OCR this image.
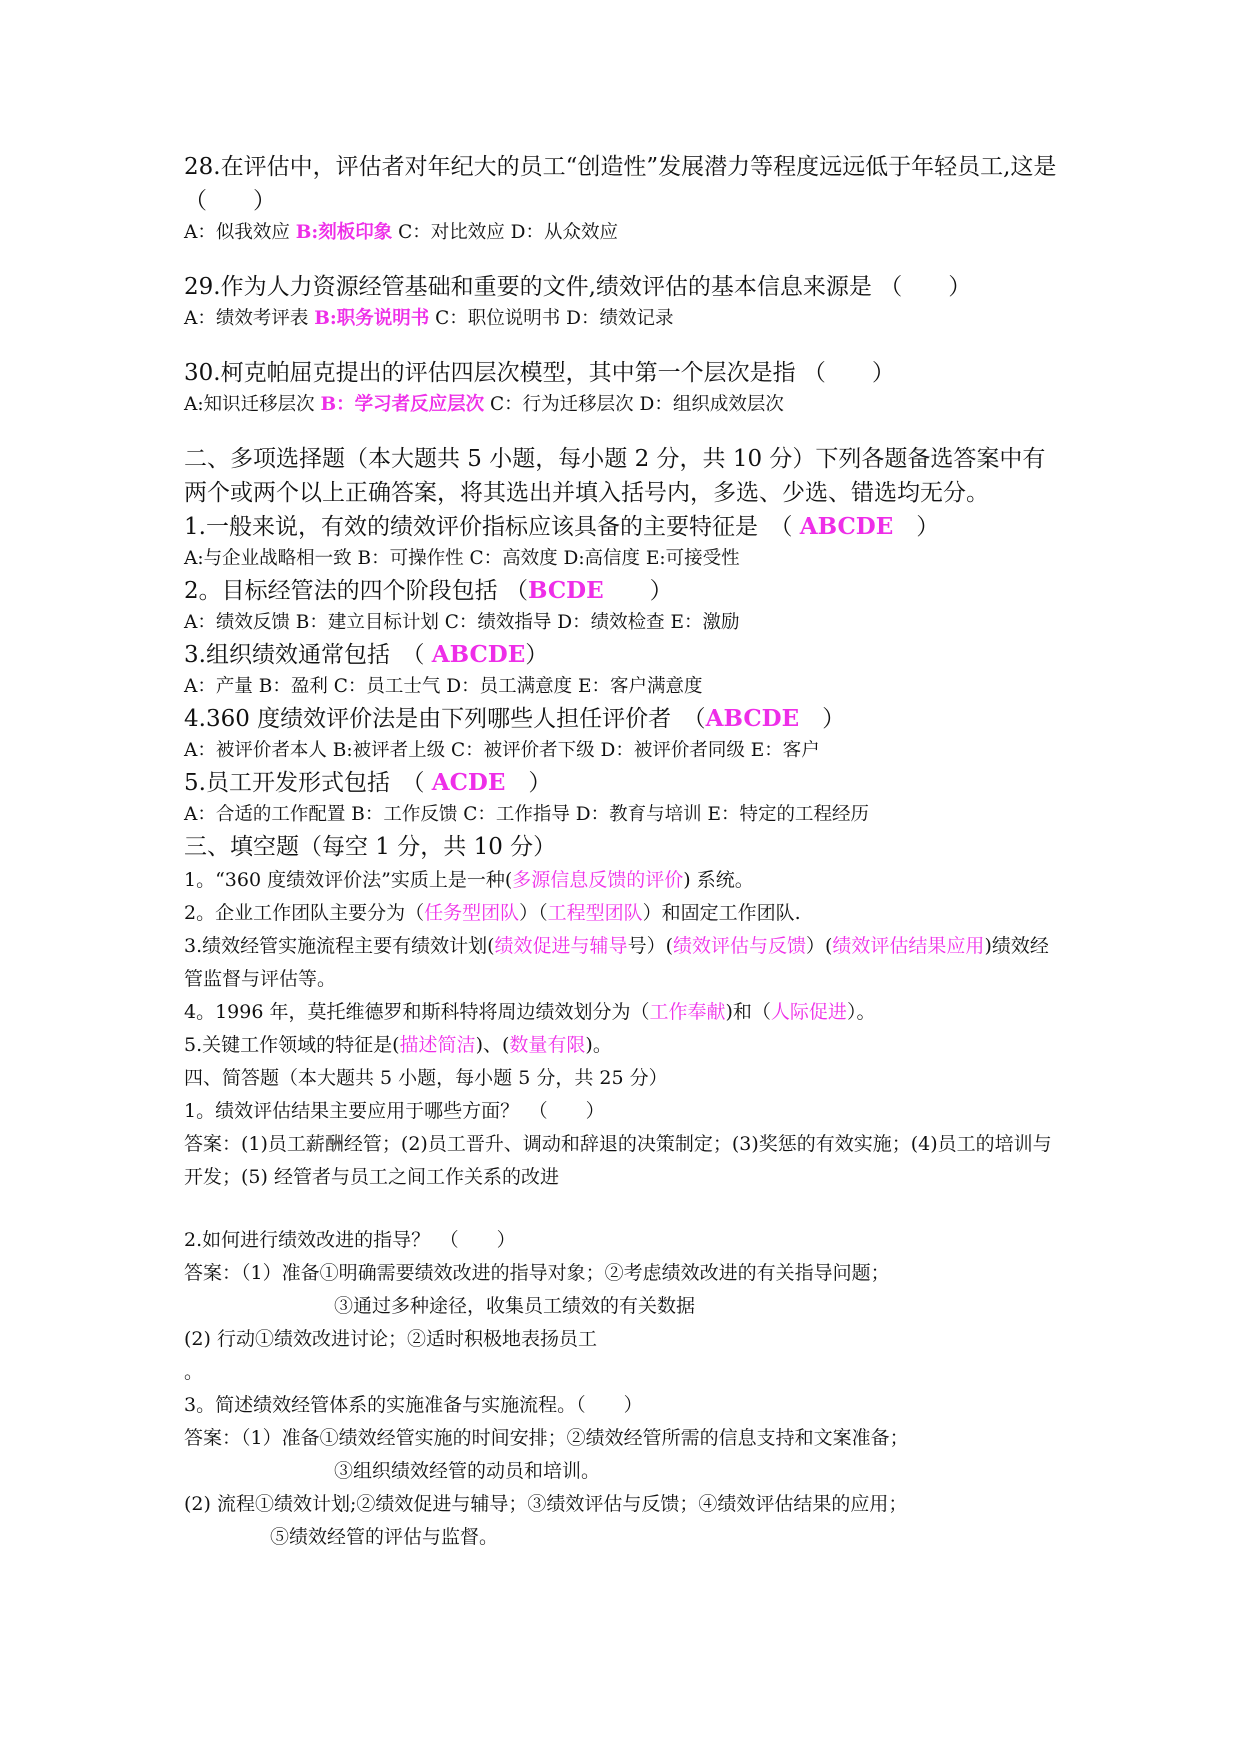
28.在评估中，评估者对年纪大的员工“创造性”发展潜力等程度远远低于年轻员工,这是 （　　）

A：似我效应 B:刻板印象 C：对比效应 D：从众效应

29.作为人力资源经管基础和重要的文件,绩效评估的基本信息来源是 （　　）

A：绩效考评表 B:职务说明书 C：职位说明书 D：绩效记录

30.柯克帕屈克提出的评估四层次模型，其中第一个层次是指 （　　）

A:知识迁移层次 B：学习者反应层次 C：行为迁移层次 D：组织成效层次

二、多项选择题（本大题共 5 小题，每小题 2 分，共 10 分）下列各题备选答案中有两个或两个以上正确答案，将其选出并填入括号内，多选、少选、错选均无分。

1.一般来说，有效的绩效评价指标应该具备的主要特征是　 （ ABCDE　 ）

A:与企业战略相一致 B：可操作性 C：高效度 D:高信度 E:可接受性

2。目标经管法的四个阶段包括 （BCDE　　 ）

A：绩效反馈 B：建立目标计划 C：绩效指导 D：绩效检查 E：激励

3.组织绩效通常包括　 （ ABCDE）

A：产量 B：盈利 C：员工士气 D：员工满意度 E：客户满意度

4.360 度绩效评价法是由下列哪些人担任评价者　 （ABCDE　 ）

A：被评价者本人 B:被评者上级 C：被评价者下级 D：被评价者同级 E：客户

5.员工开发形式包括　 （ ACDE　 ）

A：合适的工作配置 B：工作反馈 C：工作指导 D：教育与培训 E：特定的工程经历

三、填空题（每空 1 分，共 10 分）

1。“360 度绩效评价法”实质上是一种(多源信息反馈的评价) 系统。

2。企业工作团队主要分为（任务型团队）（工程型团队）和固定工作团队.

3.绩效经管实施流程主要有绩效计划(绩效促进与辅导号）(绩效评估与反馈）(绩效评估结果应用)绩效经管监督与评估等。

4。1996 年，莫托维德罗和斯科特将周边绩效划分为（工作奉献)和（人际促进）。

5.关键工作领域的特征是(描述简洁)、(数量有限)。

四、简答题（本大题共 5 小题，每小题 5 分，共 25 分）

1。绩效评估结果主要应用于哪些方面？　（　　）

答案：(1)员工薪酬经管；(2)员工晋升、调动和辞退的决策制定；(3)奖惩的有效实施；(4)员工的培训与开发；(5) 经管者与员工之间工作关系的改进

2.如何进行绩效改进的指导？　（　　）

答案：（1）准备①明确需要绩效改进的指导对象；②考虑绩效改进的有关指导问题；

③通过多种途径，收集员工绩效的有关数据

(2) 行动①绩效改进讨论；②适时积极地表扬员工

。

3。简述绩效经管体系的实施准备与实施流程。（　　）

答案：（1）准备①绩效经管实施的时间安排；②绩效经管所需的信息支持和文案准备；

③组织绩效经管的动员和培训。

(2) 流程①绩效计划;②绩效促进与辅导；③绩效评估与反馈；④绩效评估结果的应用；

⑤绩效经管的评估与监督。
